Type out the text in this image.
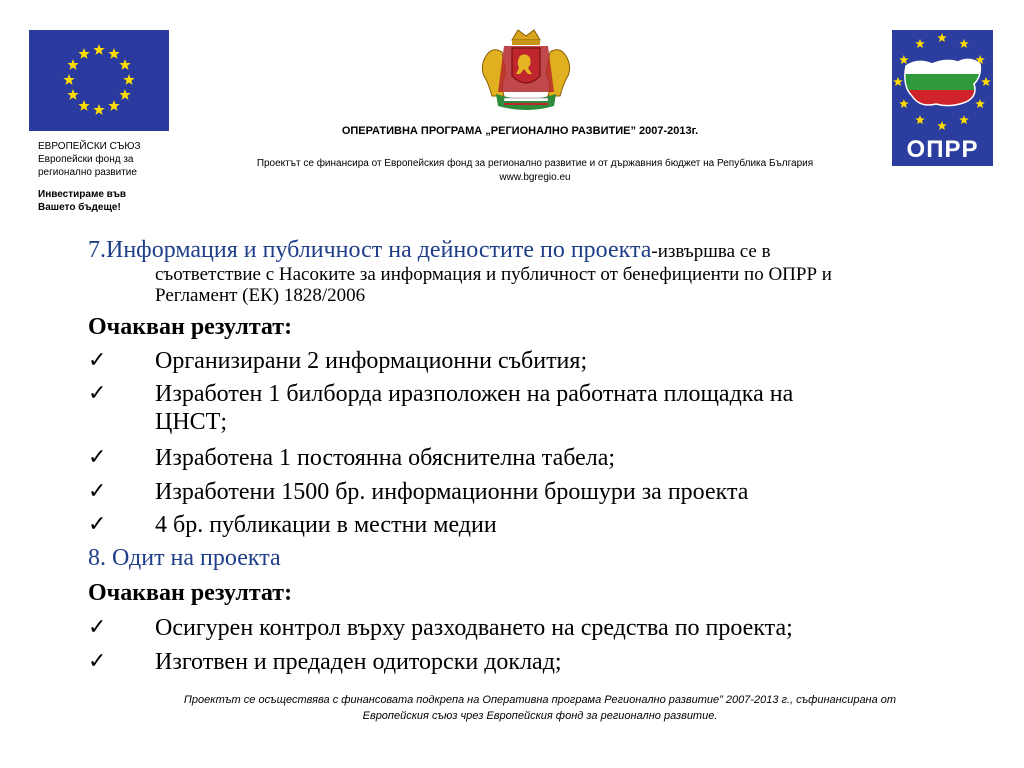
ЕВРОПЕЙСКИ СЪЮЗ
Европейски фонд за
регионално развитие
Инвестираме във
Вашето бъдеще!
ОПЕРАТИВНА ПРОГРАМА „РЕГИОНАЛНО РАЗВИТИЕ” 2007-2013г.
Проектът се финансира от Европейския фонд за регионално развитие и от държавния бюджет на Република България
www.bgregio.eu
ОПРР
7.Информация и публичност на дейностите по проекта-извършва се в
съответствие с Насоките за информация и публичност от бенефициенти по ОПРР и
Регламент (ЕК) 1828/2006
Очакван резултат:
✓	Организирани 2 информационни събития;
✓	Изработен 1 билборда иразположен на работната площадка на
ЦНСТ;
✓	Изработена 1 постоянна обяснителна табела;
✓	Изработени 1500 бр. информационни брошури за проекта
✓	4 бр. публикации в местни медии
8. Одит на проекта
Очакван резултат:
✓	Осигурен контрол върху разходването на средства по проекта;
✓	Изготвен и предаден одиторски доклад;
Проектът се осъществява с финансовата подкрепа на Оперативна програма Регионално развитие” 2007-2013 г., съфинансирана от
Европейския съюз чрез Европейския фонд за регионално развитие.
